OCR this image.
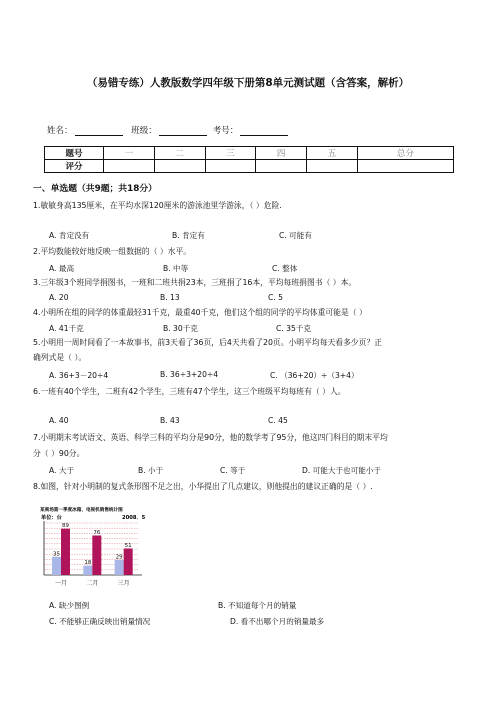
（易错专练）人教版数学四年级下册第8单元测试题（含答案，解析）
姓名：	班级：	考号：
题号	一	二	三	四	五	总分
评分						
一、单选题（共9题；共18分）
1.敏敏身高135厘米，在平均水深120厘米的游泳池里学游泳，（ ）危险.
A. 肯定没有	B. 肯定有	C. 可能有
2.平均数能较好地反映一组数据的（ ）水平。
A. 最高	B. 中等	C. 整体
3.三年级3个班同学捐图书，一班和二班共捐23本，三班捐了16本，平均每班捐图书（ ）本。
A. 20	B. 13	C. 5
4.小明所在组的同学的体重最轻31千克，最重40千克，他们这个组的同学的平均体重可能是（ ）
A. 41千克	B. 30千克	C. 35千克
5.小明用一周时间看了一本故事书，前3天看了36页，后4天共看了20页。小明平均每天看多少页？正
确列式是（ ）。
A. 36+3－20÷4	B. 36÷3+20÷4	C. （36+20）÷（3+4）
6.一班有40个学生，二班有42个学生，三班有47个学生，这三个班级平均每班有（ ）人。
A. 40	B. 43	C. 45
7.小明期末考试语文、英语、科学三科的平均分是90分，他的数学考了95分，他这四门科目的期末平均
分（ ）90分。
A. 大于	B. 小于	C. 等于	D. 可能大于也可能小于
8.如图，针对小明制的复式条形图不足之出，小华提出了几点建议，则他提出的建议正确的是（ ）.
某商场第一季度冰箱、电视机销售统计图
单位：台	2008．5
35
89
一月
18
76
二月
29
51
三月
A. 缺少图例	B. 不知道每个月的销量
C. 不能够正确反映出销量情况	D. 看不出哪个月的销量最多
